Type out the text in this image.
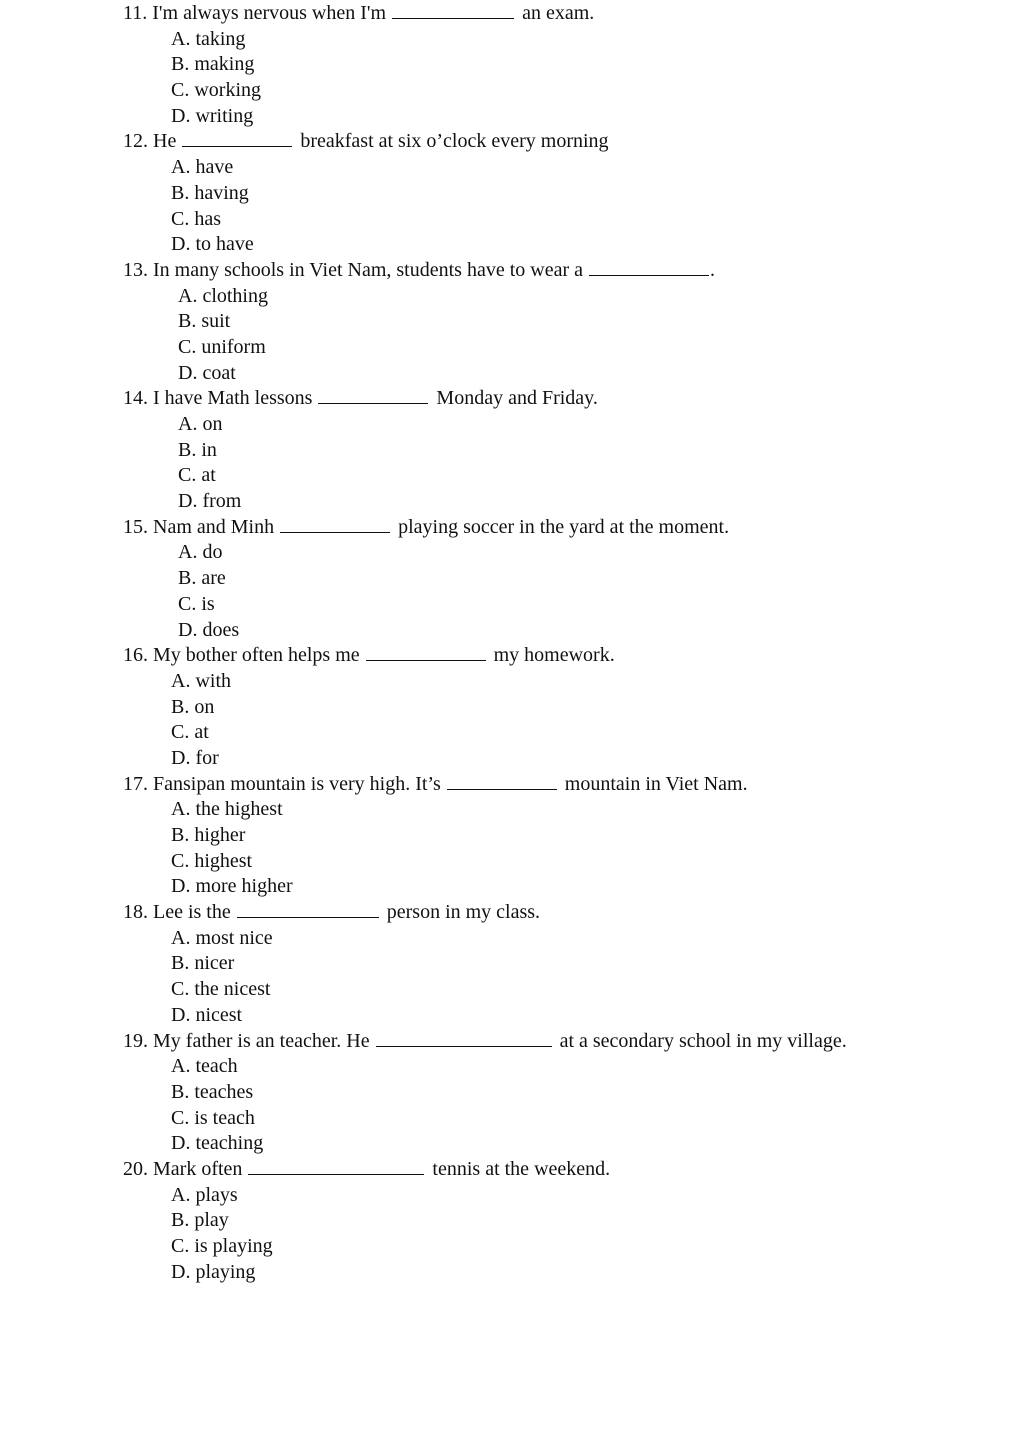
11. I'm always nervous when I'm	an exam.
A. taking
B. making
C. working
D. writing
12. He	breakfast at six o’clock every morning
A. have
B. having
C. has
D. to have
13. In many schools in Viet Nam, students have to wear a	.
A. clothing
B. suit
C. uniform
D. coat
14. I have Math lessons	Monday and Friday.
A. on
B. in
C. at
D. from
15. Nam and Minh	playing soccer in the yard at the moment.
A. do
B. are
C. is
D. does
16. My bother often helps me	my homework.
A. with
B. on
C. at
D. for
17. Fansipan mountain is very high. It’s	mountain in Viet Nam.
A. the highest
B. higher
C. highest
D. more higher
18. Lee is the	person in my class.
A. most nice
B. nicer
C. the nicest
D. nicest
19. My father is an teacher. He	at a secondary school in my village.
A. teach
B. teaches
C. is teach
D. teaching
20. Mark often	tennis at the weekend.
A. plays
B. play
C. is playing
D. playing
